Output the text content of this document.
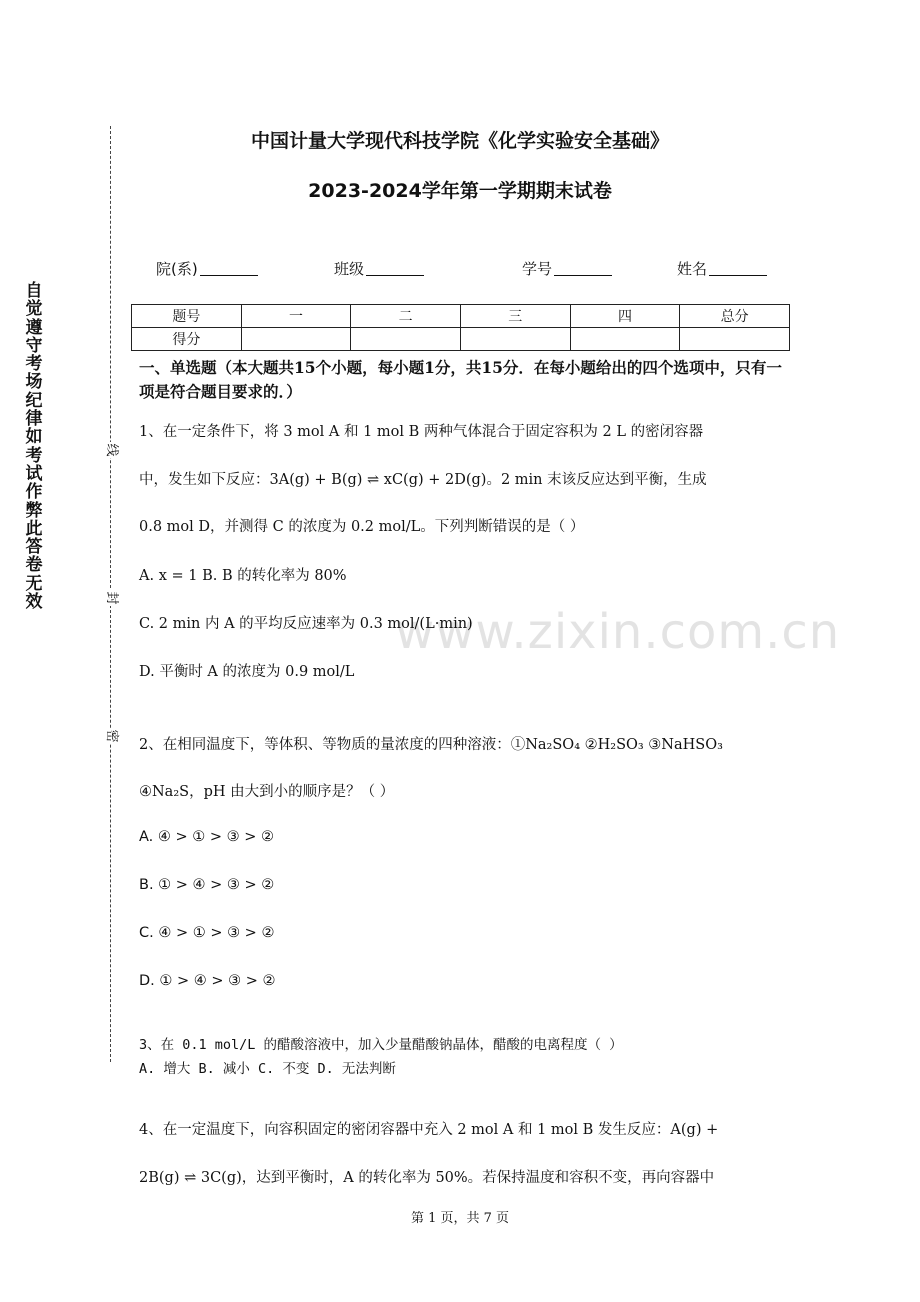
自觉遵守考场纪律如考试作弊此答卷无效
线
封
密
中国计量大学现代科技学院《化学实验安全基础》
2023-2024学年第一学期期末试卷
院(系)	班级	学号	姓名
题号	一	二	三	四	总分
得分					
一、单选题（本大题共15个小题，每小题1分，共15分．在每小题给出的四个选项中，只有一项是符合题目要求的．）
www.zixin.com.cn
1、在一定条件下，将 3 mol A 和 1 mol B 两种气体混合于固定容积为 2 L 的密闭容器
中，发生如下反应：3A(g) + B(g) ⇌ xC(g) + 2D(g)。2 min 末该反应达到平衡，生成
0.8 mol D，并测得 C 的浓度为 0.2 mol/L。下列判断错误的是（ ）
A. x = 1 B. B 的转化率为 80%
C. 2 min 内 A 的平均反应速率为 0.3 mol/(L·min)
D. 平衡时 A 的浓度为 0.9 mol/L
2、在相同温度下，等体积、等物质的量浓度的四种溶液：①Na₂SO₄ ②H₂SO₃ ③NaHSO₃
④Na₂S，pH 由大到小的顺序是？（ ）
A. ④ > ① > ③ > ②
B. ① > ④ > ③ > ②
C. ④ > ① > ③ > ②
D. ① > ④ > ③ > ②
3、在 0.1 mol/L 的醋酸溶液中，加入少量醋酸钠晶体，醋酸的电离程度（ ）
A. 增大 B. 减小 C. 不变 D. 无法判断
4、在一定温度下，向容积固定的密闭容器中充入 2 mol A 和 1 mol B 发生反应：A(g) +
2B(g) ⇌ 3C(g)，达到平衡时，A 的转化率为 50%。若保持温度和容积不变，再向容器中
第 1 页，共 7 页
